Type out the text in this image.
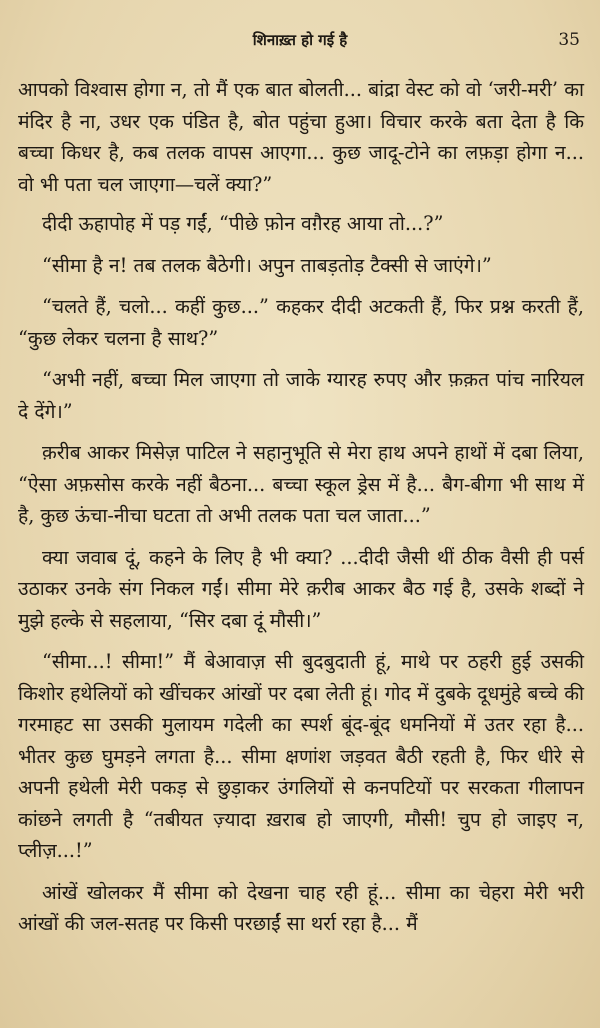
शिनाख़्त हो गई है	35

आपको विश्वास होगा न, तो मैं एक बात बोलती... बांद्रा वेस्ट को वो ‘जरी-मरी’ का मंदिर है ना, उधर एक पंडित है, बोत पहुंचा हुआ। विचार करके बता देता है कि बच्चा किधर है, कब तलक वापस आएगा... कुछ जादू-टोने का लफ़ड़ा होगा न... वो भी पता चल जाएगा—चलें क्या?”

दीदी ऊहापोह में पड़ गईं, “पीछे फ़ोन वग़ैरह आया तो...?”

“सीमा है न! तब तलक बैठेगी। अपुन ताबड़तोड़ टैक्सी से जाएंगे।”

“चलते हैं, चलो... कहीं कुछ...” कहकर दीदी अटकती हैं, फिर प्रश्न करती हैं, “कुछ लेकर चलना है साथ?”

“अभी नहीं, बच्चा मिल जाएगा तो जाके ग्यारह रुपए और फ़क़त पांच नारियल दे देंगे।”

क़रीब आकर मिसेज़ पाटिल ने सहानुभूति से मेरा हाथ अपने हाथों में दबा लिया, “ऐसा अफ़सोस करके नहीं बैठना... बच्चा स्कूल ड्रेस में है... बैग-बीगा भी साथ में है, कुछ ऊंचा-नीचा घटता तो अभी तलक पता चल जाता...”

क्या जवाब दूं, कहने के लिए है भी क्या? ...दीदी जैसी थीं ठीक वैसी ही पर्स उठाकर उनके संग निकल गईं। सीमा मेरे क़रीब आकर बैठ गई है, उसके शब्दों ने मुझे हल्के से सहलाया, “सिर दबा दूं मौसी।”

“सीमा...! सीमा!” मैं बेआवाज़ सी बुदबुदाती हूं, माथे पर ठहरी हुई उसकी किशोर हथेलियों को खींचकर आंखों पर दबा लेती हूं। गोद में दुबके दूधमुंहे बच्चे की गरमाहट सा उसकी मुलायम गदेली का स्पर्श बूंद-बूंद धमनियों में उतर रहा है... भीतर कुछ घुमड़ने लगता है... सीमा क्षणांश जड़वत बैठी रहती है, फिर धीरे से अपनी हथेली मेरी पकड़ से छुड़ाकर उंगलियों से कनपटियों पर सरकता गीलापन कांछने लगती है “तबीयत ज़्यादा ख़राब हो जाएगी, मौसी! चुप हो जाइए न, प्लीज़...!”

आंखें खोलकर मैं सीमा को देखना चाह रही हूं... सीमा का चेहरा मेरी भरी आंखों की जल-सतह पर किसी परछाईं सा थर्रा रहा है... मैं
